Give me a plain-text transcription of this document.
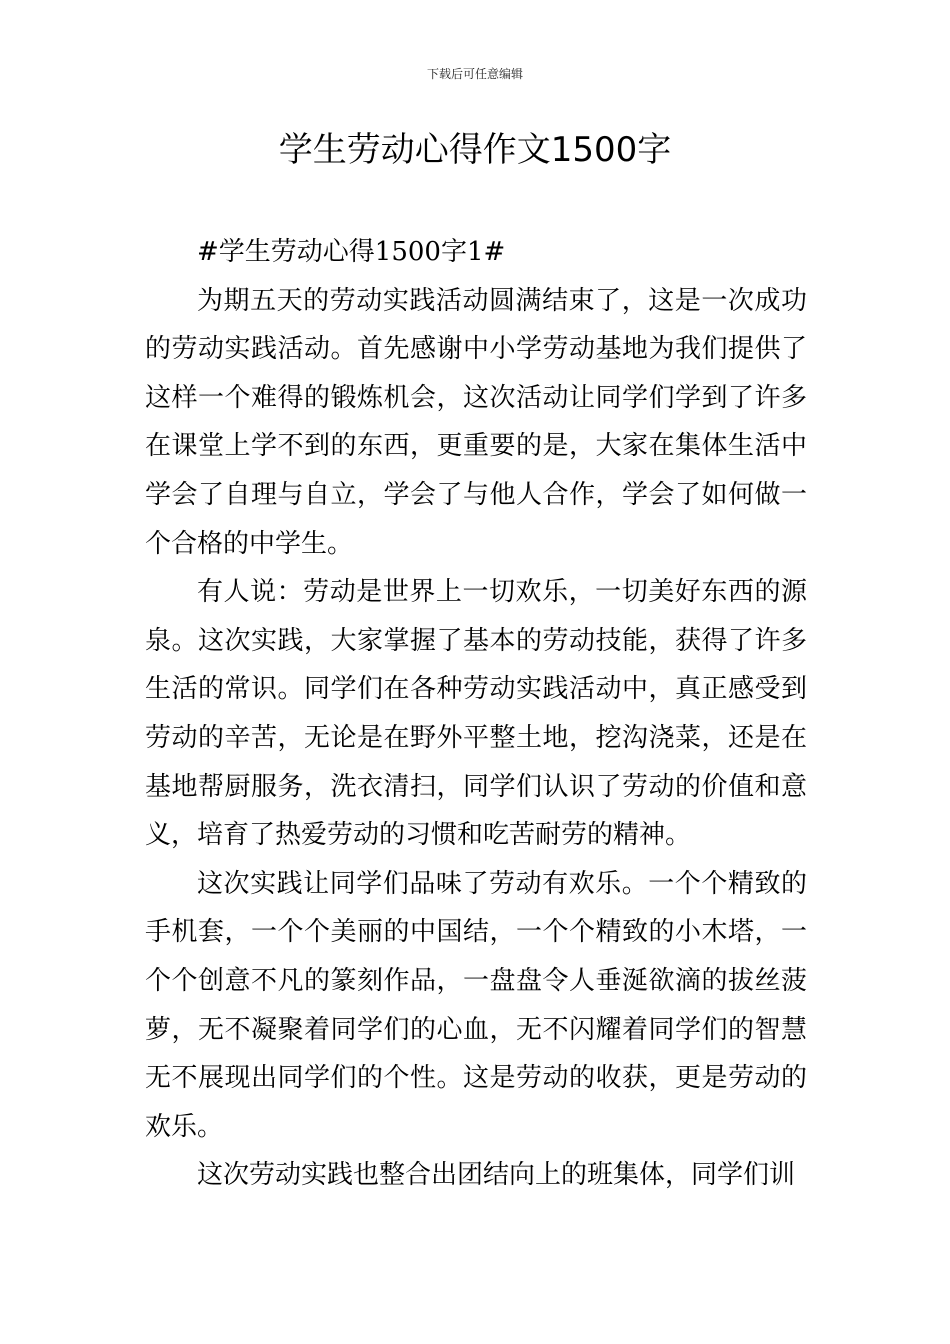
下载后可任意编辑
学生劳动心得作文1500字

#学生劳动心得1500字1#

为期五天的劳动实践活动圆满结束了，这是一次成功的劳动实践活动。首先感谢中小学劳动基地为我们提供了这样一个难得的锻炼机会，这次活动让同学们学到了许多在课堂上学不到的东西，更重要的是，大家在集体生活中学会了自理与自立，学会了与他人合作，学会了如何做一个合格的中学生。

有人说：劳动是世界上一切欢乐，一切美好东西的源泉。这次实践，大家掌握了基本的劳动技能，获得了许多生活的常识。同学们在各种劳动实践活动中，真正感受到劳动的辛苦，无论是在野外平整土地，挖沟浇菜，还是在基地帮厨服务，洗衣清扫，同学们认识了劳动的价值和意义，培育了热爱劳动的习惯和吃苦耐劳的精神。

这次实践让同学们品味了劳动有欢乐。一个个精致的手机套，一个个美丽的中国结，一个个精致的小木塔，一个个创意不凡的篆刻作品，一盘盘令人垂涎欲滴的拔丝菠萝，无不凝聚着同学们的心血，无不闪耀着同学们的智慧无不展现出同学们的个性。这是劳动的收获，更是劳动的欢乐。

这次劳动实践也整合出团结向上的班集体，同学们训
